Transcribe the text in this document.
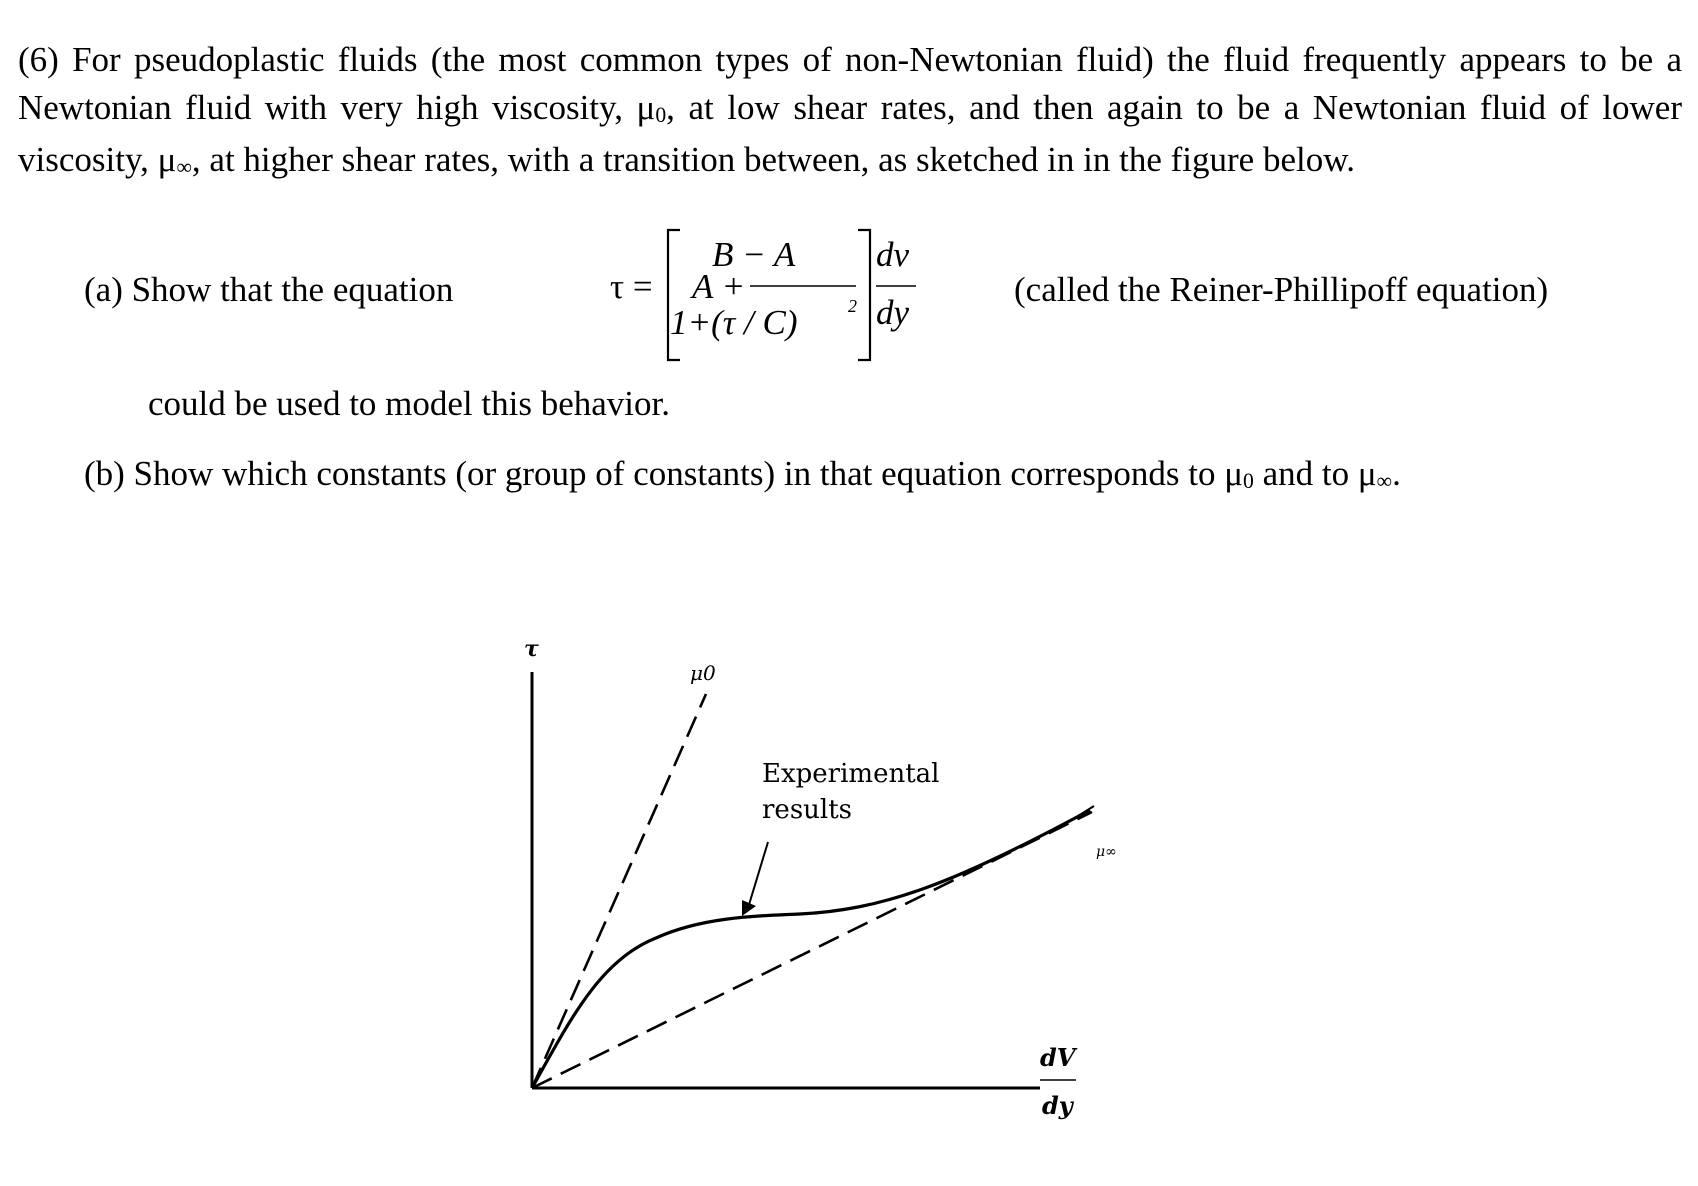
(6) For pseudoplastic fluids (the most common types of non-Newtonian fluid) the fluid frequently appears to be a Newtonian fluid with very high viscosity, μ0, at low shear rates, and then again to be a Newtonian fluid of lower viscosity, μ∞, at higher shear rates, with a transition between, as sketched in in the figure below.
(a) Show that the equation	τ = A +
B − A
1+(τ / C)	2
dv
dy
(called the Reiner-Phillipoff equation)
could be used to model this behavior.
(b) Show which constants (or group of constants) in that equation corresponds to μ0 and to μ∞.
τ
μ0
μ∞
Experimental
results
dV
dy
